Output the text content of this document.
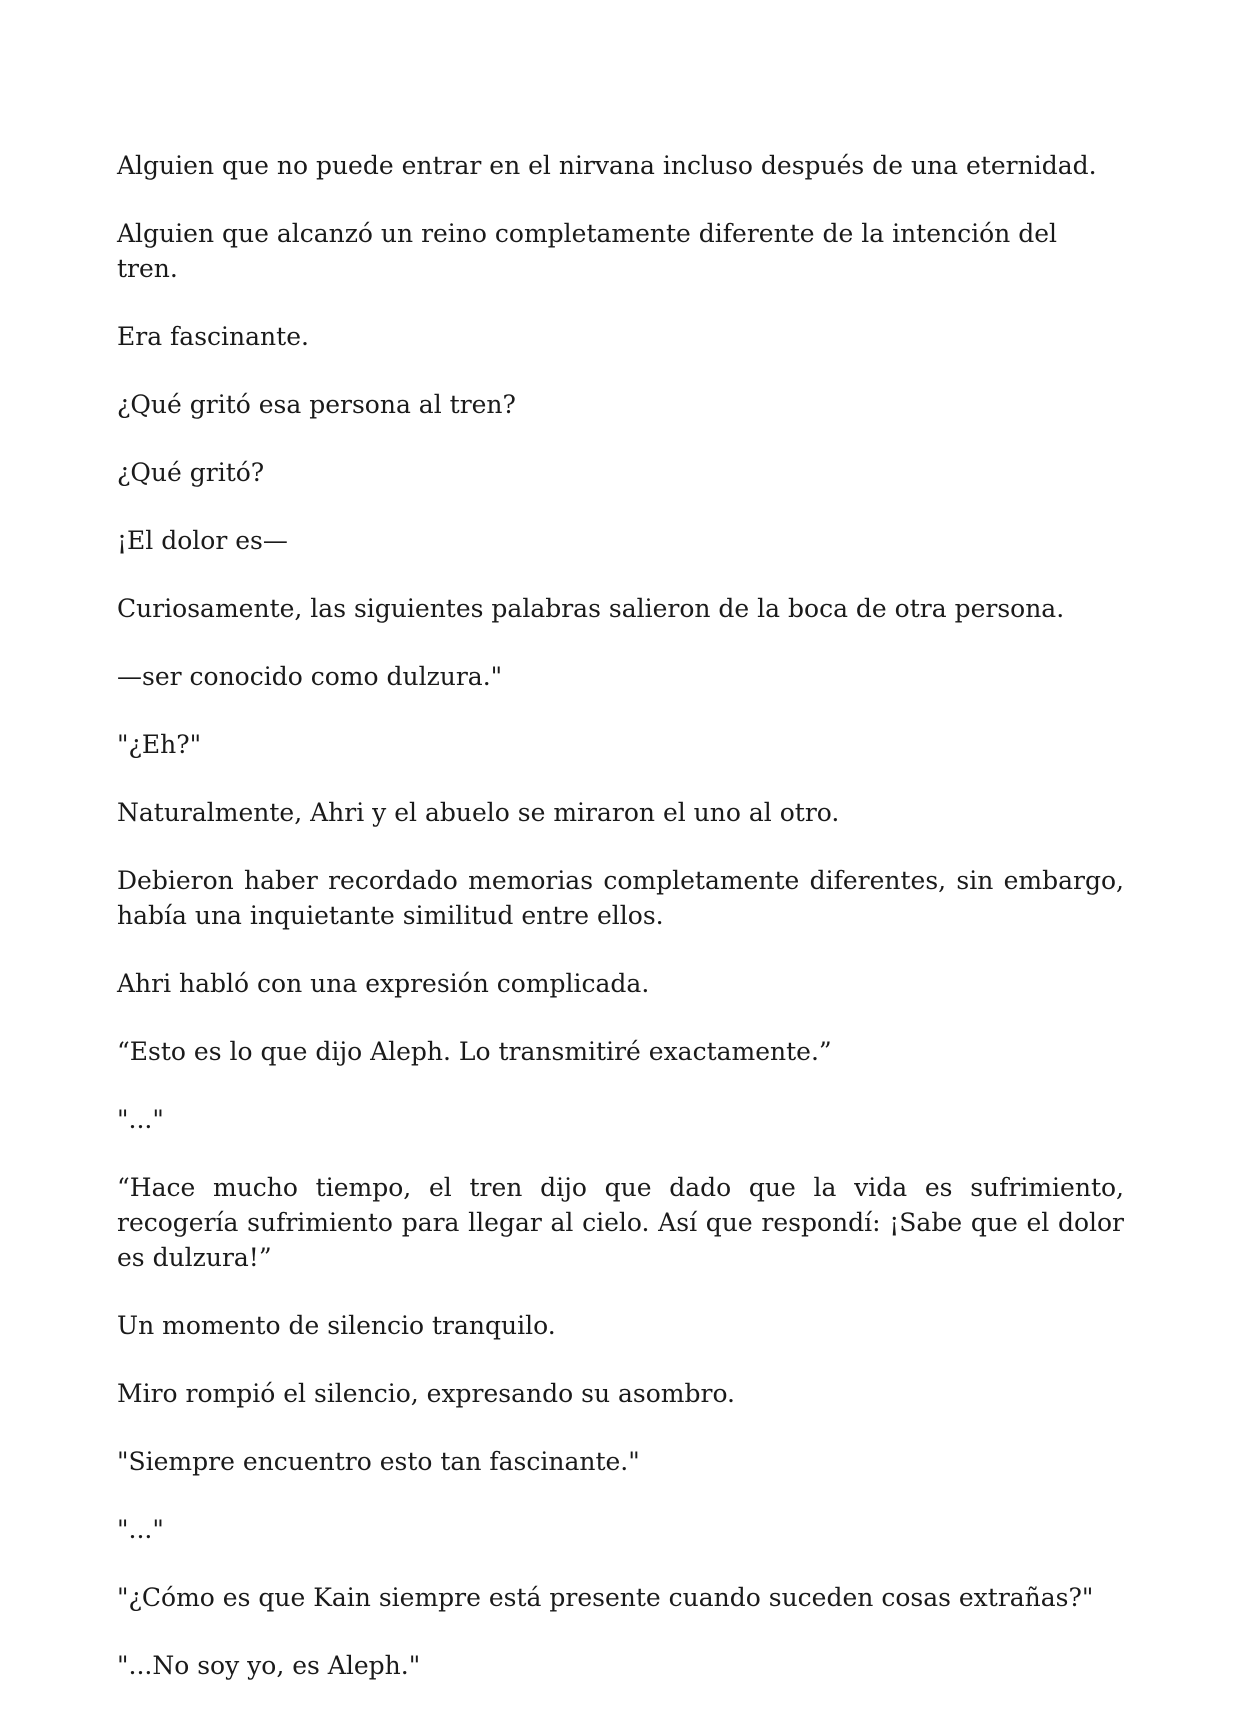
Alguien que no puede entrar en el nirvana incluso después de una eternidad.

Alguien que alcanzó un reino completamente diferente de la intención del tren.

Era fascinante.

¿Qué gritó esa persona al tren?

¿Qué gritó?

¡El dolor es—

Curiosamente, las siguientes palabras salieron de la boca de otra persona.

—ser conocido como dulzura."

"¿Eh?"

Naturalmente, Ahri y el abuelo se miraron el uno al otro.

Debieron haber recordado memorias completamente diferentes, sin embargo, había una inquietante similitud entre ellos.

Ahri habló con una expresión complicada.

“Esto es lo que dijo Aleph. Lo transmitiré exactamente.”

"..."

“Hace mucho tiempo, el tren dijo que dado que la vida es sufrimiento, recogería sufrimiento para llegar al cielo. Así que respondí: ¡Sabe que el dolor es dulzura!”

Un momento de silencio tranquilo.

Miro rompió el silencio, expresando su asombro.

"Siempre encuentro esto tan fascinante."

"..."

"¿Cómo es que Kain siempre está presente cuando suceden cosas extrañas?"

"...No soy yo, es Aleph."
